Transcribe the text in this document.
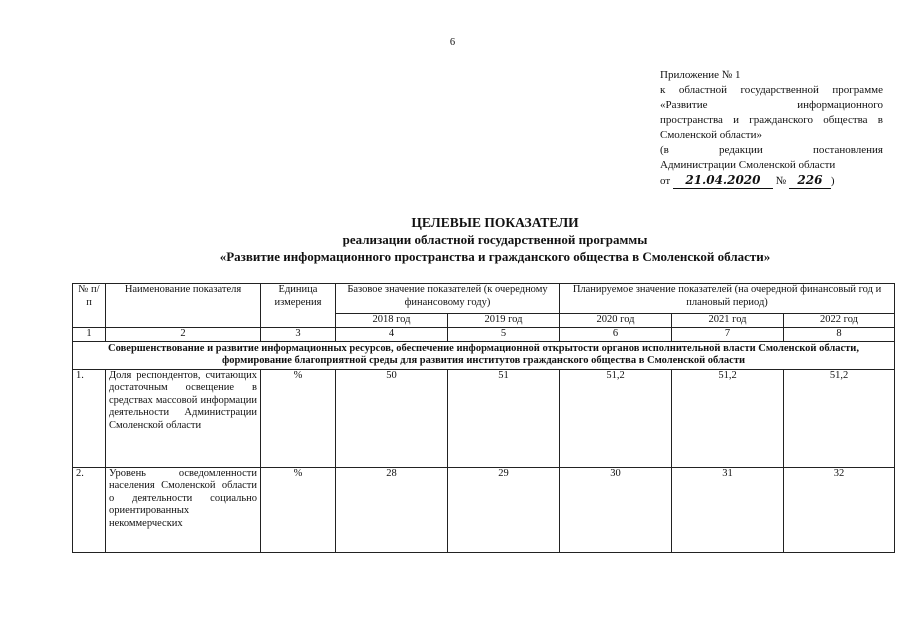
6
Приложение № 1
к областной государственной программе
«Развитие информационного
пространства и гражданского общества в
Смоленской области»
(в редакции постановления
Администрации Смоленской области
от 21.04.2020 № 226 )
ЦЕЛЕВЫЕ ПОКАЗАТЕЛИ
реализации областной государственной программы
«Развитие информационного пространства и гражданского общества в Смоленской области»
№ п/п	Наименование показателя	Единица измерения	Базовое значение показателей (к очередному финансовому году)		Планируемое значение показателей (на очередной финансовый год и плановый период)		
			2018 год	2019 год	2020 год	2021 год	2022 год
1	2	3	4	5	6	7	8
Совершенствование и развитие информационных ресурсов, обеспечение информационной открытости органов исполнительной власти Смоленской области, формирование благоприятной среды для развития институтов гражданского общества в Смоленской области							
1.	Доля респондентов, считающих достаточным освещение в средствах массовой информации деятельности Администрации Смоленской области	%	50	51	51,2	51,2	51,2
2.	Уровень осведомленности населения Смоленской области о деятельности социально ориентированных некоммерческих	%	28	29	30	31	32
